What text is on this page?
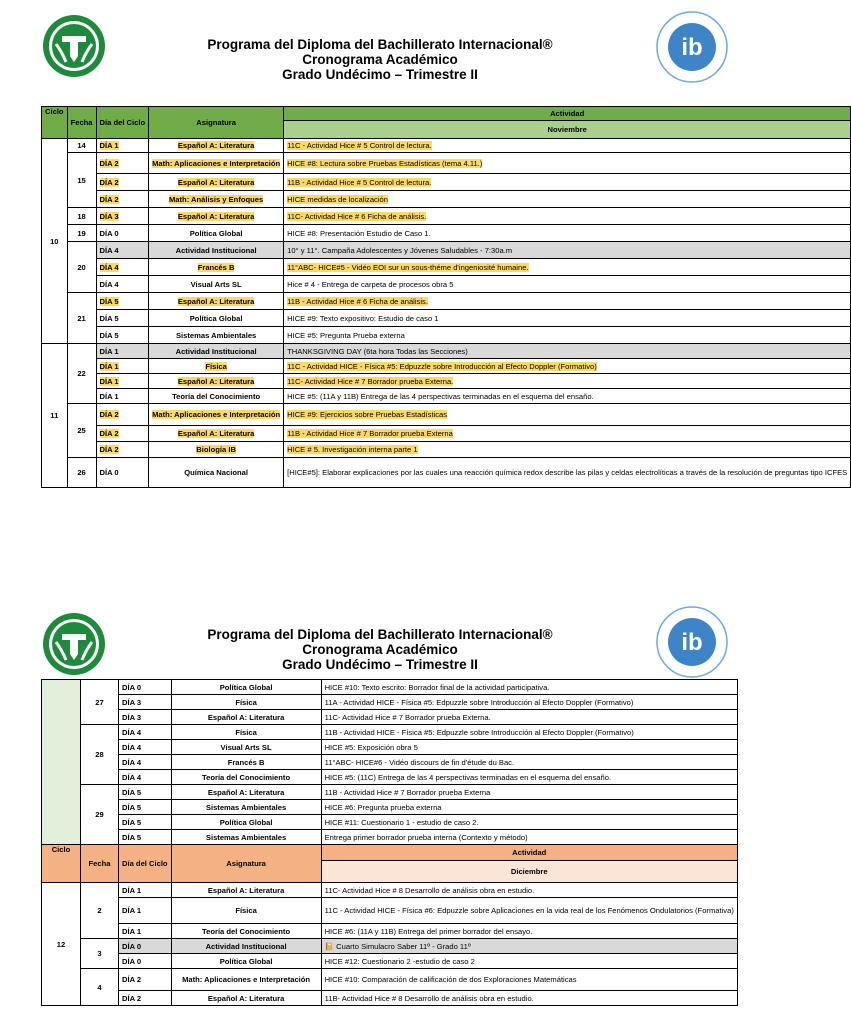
Programa del Diploma del Bachillerato Internacional®
Cronograma Académico
Grado Undécimo – Trimestre II
ib
Ciclo	Fecha	Día del Ciclo	Asignatura	Actividad
				Noviembre
10	14	DÍA 1	Español A: Literatura	11C - Actividad Hice # 5 Control de lectura.
	15	DÍA 2	Math: Aplicaciones e Interpretación	HICE #8: Lectura sobre Pruebas Estadísticas (tema 4.11.)
		DÍA 2	Español A: Literatura	11B - Actividad Hice # 5 Control de lectura.
		DÍA 2	Math: Análisis y Enfoques	HICE medidas de localización
	18	DÍA 3	Español A: Literatura	11C- Actividad Hice # 6 Ficha de análisis.
	19	DÍA 0	Política Global	HICE #8: Presentación Estudio de Caso 1.
	20	DÍA 4	Actividad Institucional	10° y 11°. Campaña Adolescentes y Jóvenes Saludables - 7:30a.m
		DÍA 4	Francés B	11°ABC- HICE#5 - Vidéo EOI sur un sous-théme d'ingeniosité humaine.
		DÍA 4	Visual Arts SL	Hice # 4 - Entrega de carpeta de procesos obra 5
	21	DÍA 5	Español A: Literatura	11B - Actividad Hice # 6 Ficha de análisis.
		DÍA 5	Política Global	HICE #9: Texto expositivo: Estudio de caso 1
		DÍA 5	Sistemas Ambientales	HICE #5: Pregunta Prueba externa
11	22	DÍA 1	Actividad Institucional	THANKSGIVING DAY (6ta hora Todas las Secciones)
		DÍA 1	Física	11C - Actividad HICE - Física #5: Edpuzzle sobre Introducción al Efecto Doppler (Formativo)
		DÍA 1	Español A: Literatura	11C- Actividad Hice # 7 Borrador prueba Externa.
		DÍA 1	Teoría del Conocimiento	HICE #5: (11A y 11B) Entrega de las 4 perspectivas terminadas en el esquema del ensaño.
	25	DÍA 2	Math: Aplicaciones e Interpretación	HICE #9: Ejercicios sobre Pruebas Estadísticas
		DÍA 2	Español A: Literatura	11B - Actividad Hice # 7 Borrador prueba Externa
		DÍA 2	Biología IB	HICE # 5. Investigación interna parte 1
	26	DÍA 0	Química Nacional	[HICE#5]: Elaborar explicaciones por las cuales una reacción química redox describe las pilas y celdas electrolíticas a través de la resolución de preguntas tipo ICFES
Programa del Diploma del Bachillerato Internacional®
Cronograma Académico
Grado Undécimo – Trimestre II
ib
	27	DÍA 0	Política Global	HICE #10: Texto escrito: Borrador final de la actividad participativa.
		DÍA 3	Física	11A - Actividad HICE - Física #5: Edpuzzle sobre Introducción al Efecto Doppler (Formativo)
		DÍA 3	Español A: Literatura	11C- Actividad Hice # 7 Borrador prueba Externa.
	28	DÍA 4	Física	11B - Actividad HICE - Física #5: Edpuzzle sobre Introducción al Efecto Doppler (Formativo)
		DÍA 4	Visual Arts SL	HICE #5: Exposición obra 5
		DÍA 4	Francés B	11°ABC- HICE#6 - Vidéo discours de fin d'étude du Bac.
		DÍA 4	Teoría del Conocimiento	HICE #5: (11C) Entrega de las 4 perspectivas terminadas en el esquema del ensaño.
	29	DÍA 5	Español A: Literatura	11B - Actividad Hice # 7 Borrador prueba Externa
		DÍA 5	Sistemas Ambientales	HICE #6: Pregunta prueba externa
		DÍA 5	Política Global	HICE #11: Cuestionario 1 - estudio de caso 2.
		DÍA 5	Sistemas Ambientales	Entrega primer borrador prueba interna (Contexto y método)
Ciclo	Fecha	Día del Ciclo	Asignatura	Actividad
				Diciembre
12	2	DÍA 1	Español A: Literatura	11C- Actividad Hice # 8 Desarrollo de análisis obra en estudio.
		DÍA 1	Física	11C - Actividad HICE - Física #6: Edpuzzle sobre Aplicaciones en la vida real de los Fenómenos Ondulatorios (Formativa)
		DÍA 1	Teoría del Conocimiento	HICE #6: (11A y 11B) Entrega del primer borrador del ensayo.
	3	DÍA 0	Actividad Institucional	📔 Cuarto Simulacro Saber 11º - Grado 11º
		DÍA 0	Política Global	HICE #12: Cuestionario 2 -estudio de caso 2
	4	DÍA 2	Math: Aplicaciones e Interpretación	HICE #10: Comparación de calificación de dos Exploraciones Matemáticas
		DÍA 2	Español A: Literatura	11B- Actividad Hice # 8 Desarrollo de análisis obra en estudio.
